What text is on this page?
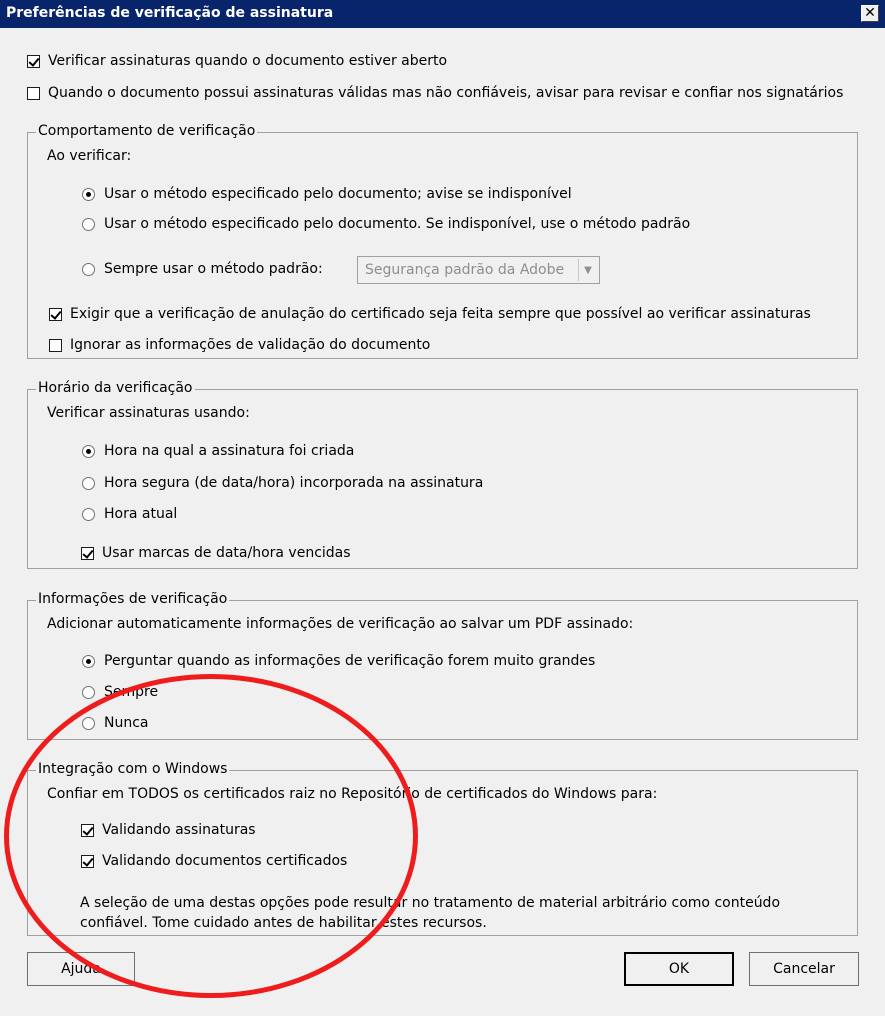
Preferências de verificação de assinatura	✕
Verificar assinaturas quando o documento estiver aberto
Quando o documento possui assinaturas válidas mas não confiáveis, avisar para revisar e confiar nos signatários
Comportamento de verificação
Ao verificar:
Usar o método especificado pelo documento; avise se indisponível
Usar o método especificado pelo documento. Se indisponível, use o método padrão
Sempre usar o método padrão:	Segurança padrão da Adobe	▼
Exigir que a verificação de anulação do certificado seja feita sempre que possível ao verificar assinaturas
Ignorar as informações de validação do documento
Horário da verificação
Verificar assinaturas usando:
Hora na qual a assinatura foi criada
Hora segura (de data/hora) incorporada na assinatura
Hora atual
Usar marcas de data/hora vencidas
Informações de verificação
Adicionar automaticamente informações de verificação ao salvar um PDF assinado:
Perguntar quando as informações de verificação forem muito grandes
Sempre
Nunca
Integração com o Windows
Confiar em TODOS os certificados raiz no Repositório de certificados do Windows para:
Validando assinaturas
Validando documentos certificados
A seleção de uma destas opções pode resultar no tratamento de material arbitrário como conteúdo
confiável. Tome cuidado antes de habilitar estes recursos.
Ajuda	OK	Cancelar
